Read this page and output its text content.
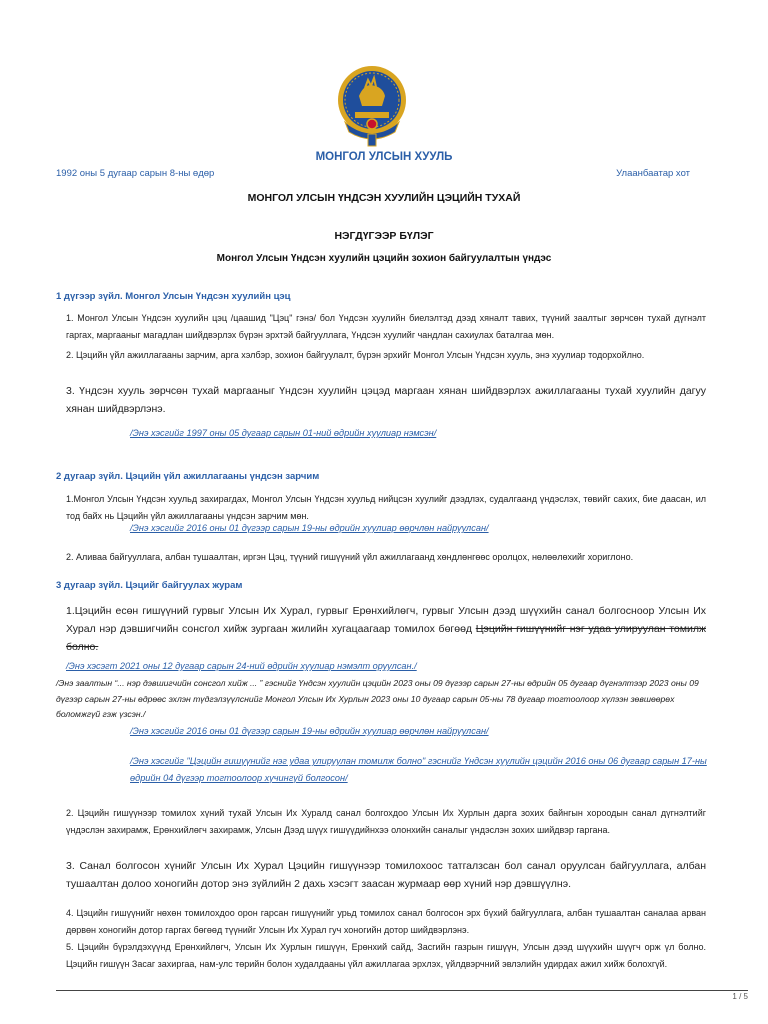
МОНГОЛ УЛСЫН ХУУЛЬ
1992 оны 5 дугаар сарын 8-ны өдөр	Улаанбаатар хот
МОНГОЛ УЛСЫН ҮНДСЭН ХУУЛИЙН ЦЭЦИЙН ТУХАЙ
НЭГДҮГЭЭР БҮЛЭГ
Монгол Улсын Үндсэн хуулийн цэцийн зохион байгуулалтын үндэс
1 дүгээр зүйл. Монгол Улсын Үндсэн хуулийн цэц
1. Монгол Улсын Үндсэн хуулийн цэц /цаашид "Цэц" гэнэ/ бол Үндсэн хуулийн биелэлтэд дээд хяналт тавих, түүний заалтыг зөрчсөн тухай дүгнэлт гаргах, маргааныг магадлан шийдвэрлэх бүрэн эрхтэй байгууллага, Үндсэн хуулийг чандлан сахиулах баталгаа мөн.
2. Цэцийн үйл ажиллагааны зарчим, арга хэлбэр, зохион байгуулалт, бүрэн эрхийг Монгол Улсын Үндсэн хууль, энэ хуулиар тодорхойлно.
3. Үндсэн хууль зөрчсөн тухай маргааныг Үндсэн хуулийн цэцэд маргаан хянан шийдвэрлэх ажиллагааны тухай хуулийн дагуу хянан шийдвэрлэнэ.
/Энэ хэсгийг 1997 оны 05 дугаар сарын 01-ний өдрийн хуулиар нэмсэн/
2 дугаар зүйл. Цэцийн үйл ажиллагааны үндсэн зарчим
1.Монгол Улсын Үндсэн хуульд захирагдах, Монгол Улсын Үндсэн хуульд нийцсэн хуулийг дээдлэх, судалгаанд үндэслэх, төвийг сахих, бие даасан, ил тод байх нь Цэцийн үйл ажиллагааны үндсэн зарчим мөн.
/Энэ хэсгийг 2016 оны 01 дүгээр сарын 19-ны өдрийн хуулиар өөрчлөн найруулсан/
2. Аливаа байгууллага, албан тушаалтан, иргэн Цэц, түүний гишүүний үйл ажиллагаанд хөндлөнгөөс оролцох, нөлөөлөхийг хориглоно.
3 дугаар зүйл. Цэцийг байгуулах журам
1.Цэцийн есөн гишүүний гурвыг Улсын Их Хурал, гурвыг Ерөнхийлөгч, гурвыг Улсын дээд шүүхийн санал болгосноор Улсын Их Хурал нэр дэвшигчийн сонсгол хийж зургаан жилийн хугацаагаар томилох бөгөөд Цэцийн гишүүнийг нэг удаа улируулан томилж болно.
/Энэ хэсэгт 2021 оны 12 дугаар сарын 24-ний өдрийн хуулиар нэмэлт оруулсан./
/Энэ заалтын “... нэр дэвшигчийн сонсгол хийж ... ” гэснийг Үндсэн хуулийн цэцийн 2023 оны 09 дүгээр сарын 27-ны өдрийн 05 дугаар дүгнэлтээр 2023 оны 09 дүгээр сарын 27-ны өдрөөс эхлэн түдгэлзүүлснийг Монгол Улсын Их Хурлын 2023 оны 10 дугаар сарын 05-ны 78 дугаар тогтоолоор хүлээн зөвшөөрөх боломжгүй гэж үзсэн./
/Энэ хэсгийг 2016 оны 01 дүгээр сарын 19-ны өдрийн хуулиар өөрчлөн найруулсан/
/Энэ хэсгийг "Цэцийн гишүүнийг нэг удаа улируулан томилж болно" гэснийг Үндсэн хуулийн цэцийн 2016 оны 06 дугаар сарын 17-ны өдрийн 04 дүгээр тогтоолоор хүчингүй болгосон/
2. Цэцийн гишүүнээр томилох хүний тухай Улсын Их Хуралд санал болгохдоо Улсын Их Хурлын дарга зохих байнгын хороодын санал дүгнэлтийг үндэслэн захирамж, Ерөнхийлөгч захирамж, Улсын Дээд шүүх гишүүдийнхээ олонхийн саналыг үндэслэн зохих шийдвэр гаргана.
3. Санал болгосон хүнийг Улсын Их Хурал Цэцийн гишүүнээр томилохоос татгалзсан бол санал оруулсан байгууллага, албан тушаалтан долоо хоногийн дотор энэ зүйлийн 2 дахь хэсэгт заасан журмаар өөр хүний нэр дэвшүүлнэ.
4. Цэцийн гишүүнийг нөхөн томилохдоо орон гарсан гишүүнийг урьд томилох санал болгосон эрх бүхий байгууллага, албан тушаалтан саналаа арван дөрвөн хоногийн дотор гаргах бөгөөд түүнийг Улсын Их Хурал гуч хоногийн дотор шийдвэрлэнэ.
5. Цэцийн бүрэлдэхүүнд Ерөнхийлөгч, Улсын Их Хурлын гишүүн, Ерөнхий сайд, Засгийн газрын гишүүн, Улсын дээд шүүхийн шүүгч орж үл болно. Цэцийн гишүүн Засаг захиргаа, нам-улс төрийн болон худалдааны үйл ажиллагаа эрхлэх, үйлдвэрчний эвлэлийн удирдах ажил хийж болохгүй.
1 / 5
